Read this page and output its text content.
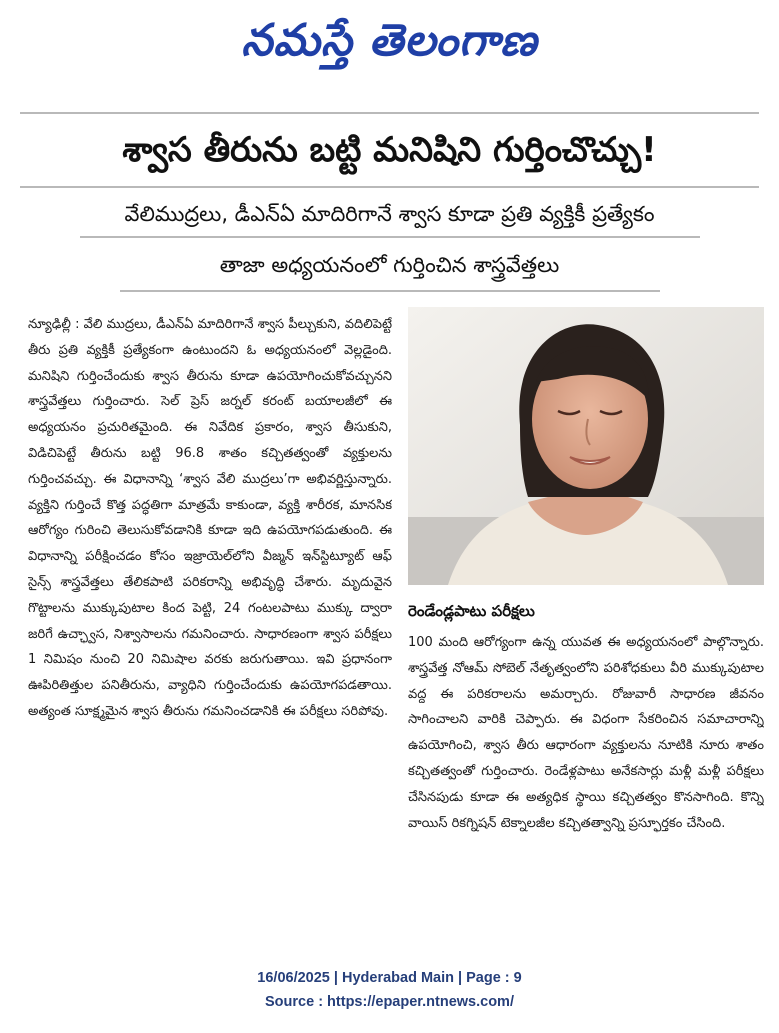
నమస్తే తెలంగాణ
శ్వాస తీరును బట్టి మనిషిని గుర్తించొచ్చు!
వేలిముద్రలు, డీఎన్ఏ మాదిరిగానే శ్వాస కూడా ప్రతి వ్యక్తికీ ప్రత్యేకం
తాజా అధ్యయనంలో గుర్తించిన శాస్త్రవేత్తలు
న్యూఢిల్లీ : వేలి ముద్రలు, డీఎన్ఏ మాదిరిగానే శ్వాస పీల్చుకుని, వదిలిపెట్టే తీరు ప్రతి వ్యక్తికీ ప్రత్యేకంగా ఉంటుందని ఓ అధ్యయనంలో వెల్లడైంది. మనిషిని గుర్తించేందుకు శ్వాస తీరును కూడా ఉపయోగించుకోవచ్చునని శాస్త్రవేత్తలు గుర్తించారు. సెల్ ప్రెస్ జర్నల్ కరంట్ బయాలజీలో ఈ అధ్యయనం ప్రచురితమైంది. ఈ నివేదిక ప్రకారం, శ్వాస తీసుకుని, విడిచిపెట్టే తీరును బట్టి 96.8 శాతం కచ్చితత్వంతో వ్యక్తులను గుర్తించవచ్చు. ఈ విధానాన్ని ‘శ్వాస వేలి ముద్రలు’గా అభివర్ణిస్తున్నారు. వ్యక్తిని గుర్తించే కొత్త పద్ధతిగా మాత్రమే కాకుండా, వ్యక్తి శారీరక, మానసిక ఆరోగ్యం గురించి తెలుసుకోవడానికి కూడా ఇది ఉపయోగపడుతుంది. ఈ విధానాన్ని పరీక్షించడం కోసం ఇజ్రాయెల్‌లోని వీజ్మన్ ఇన్‌స్టిట్యూట్ ఆఫ్ సైన్స్ శాస్త్రవేత్తలు తేలికపాటి పరికరాన్ని అభివృద్ధి చేశారు. మృదువైన గొట్టాలను ముక్కుపుటాల కింద పెట్టి, 24 గంటలపాటు ముక్కు ద్వారా జరిగే ఉచ్ఛ్వాస, నిశ్వాసాలను గమనించారు. సాధారణంగా శ్వాస పరీక్షలు 1 నిమిషం నుంచి 20 నిమిషాల వరకు జరుగుతాయి. ఇవి ప్రధానంగా ఊపిరితిత్తుల పనితీరును, వ్యాధిని గుర్తించేందుకు ఉపయోగపడతాయి. అత్యంత సూక్ష్మమైన శ్వాస తీరును గమనించడానికి ఈ పరీక్షలు సరిపోవు.
రెండేండ్లపాటు పరీక్షలు
100 మంది ఆరోగ్యంగా ఉన్న యువత ఈ అధ్యయనంలో పాల్గొన్నారు. శాస్త్రవేత్త నోఆమ్ సోబెల్ నేతృత్వంలోని పరిశోధకులు వీరి ముక్కుపుటాల వద్ద ఈ పరికరాలను అమర్చారు. రోజువారీ సాధారణ జీవనం సాగించాలని వారికి చెప్పారు. ఈ విధంగా సేకరించిన సమాచారాన్ని ఉపయోగించి, శ్వాస తీరు ఆధారంగా వ్యక్తులను నూటికి నూరు శాతం కచ్చితత్వంతో గుర్తించారు. రెండేళ్లపాటు అనేకసార్లు మళ్లీ మళ్లీ పరీక్షలు చేసినపుడు కూడా ఈ అత్యధిక స్థాయి కచ్చితత్వం కొనసాగింది. కొన్ని వాయిస్ రికగ్నిషన్ టెక్నాలజీల కచ్చితత్వాన్ని ప్రస్ఫూర్తకం చేసింది.
16/06/2025 | Hyderabad Main | Page : 9
Source : https://epaper.ntnews.com/
